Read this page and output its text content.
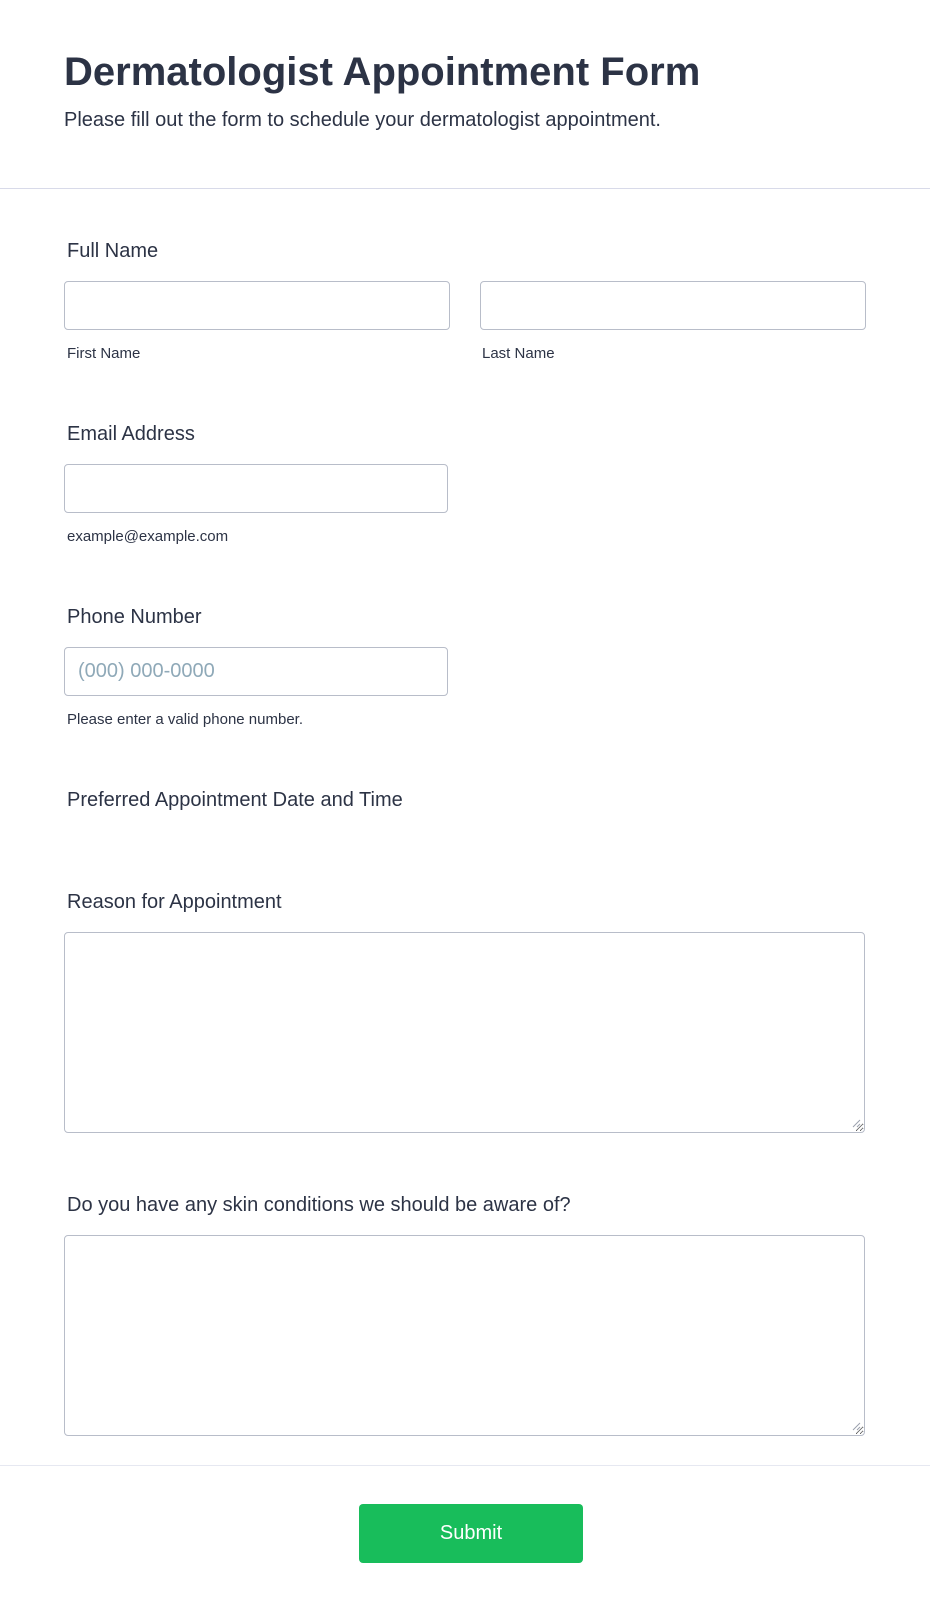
Dermatologist Appointment Form
Please fill out the form to schedule your dermatologist appointment.
Full Name
First Name	Last Name
Email Address
example@example.com
Phone Number
(000) 000-0000
Please enter a valid phone number.
Preferred Appointment Date and Time
Reason for Appointment
Do you have any skin conditions we should be aware of?
Submit
